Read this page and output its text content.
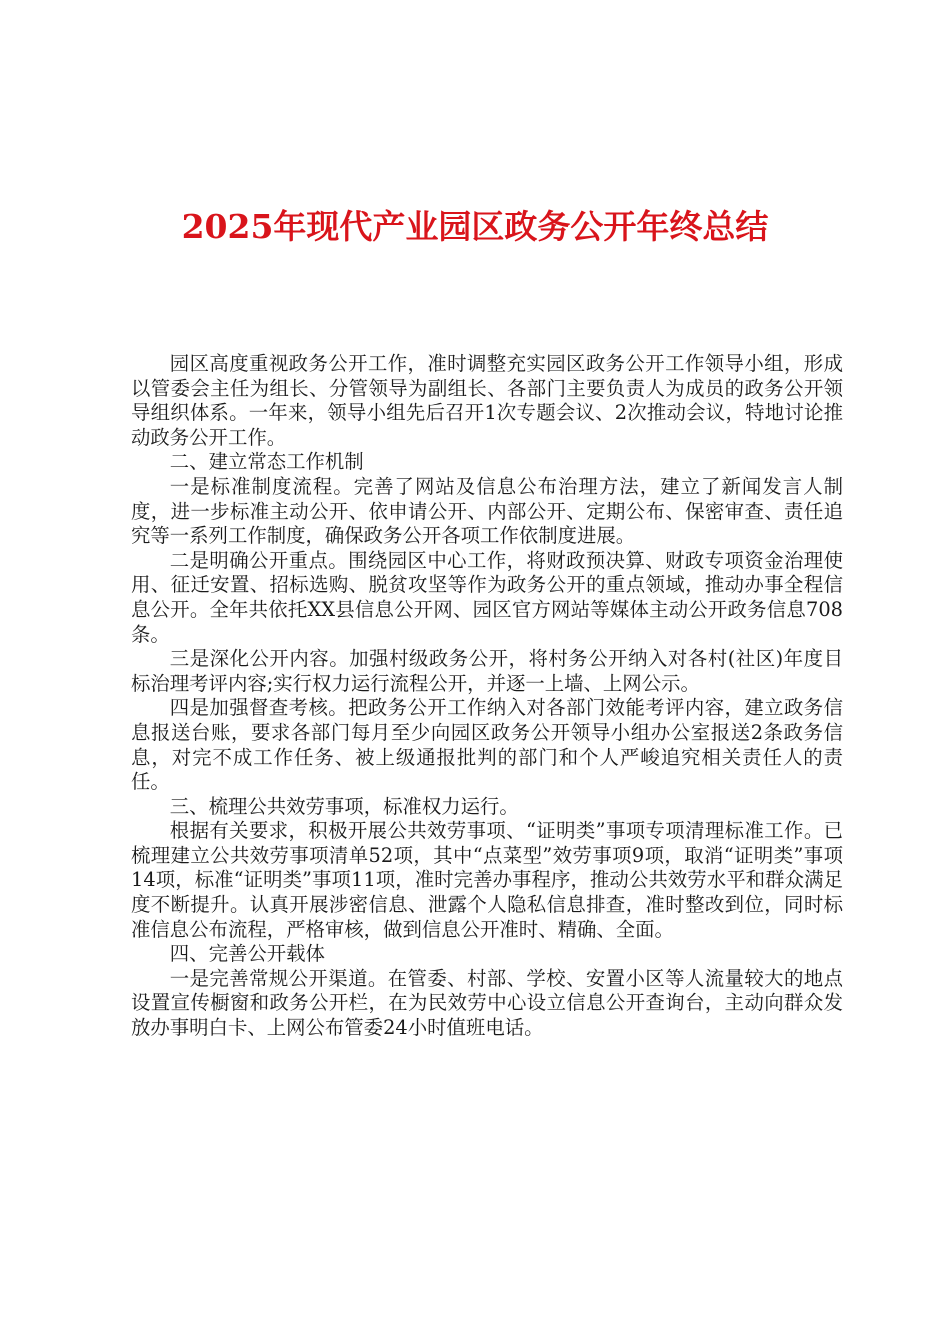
2025年现代产业园区政务公开年终总结

园区高度重视政务公开工作，准时调整充实园区政务公开工作领导小组，形成以管委会主任为组长、分管领导为副组长、各部门主要负责人为成员的政务公开领导组织体系。一年来，领导小组先后召开1次专题会议、2次推动会议，特地讨论推动政务公开工作。

二、建立常态工作机制

一是标准制度流程。完善了网站及信息公布治理方法，建立了新闻发言人制度，进一步标准主动公开、依申请公开、内部公开、定期公布、保密审查、责任追究等一系列工作制度，确保政务公开各项工作依制度进展。

二是明确公开重点。围绕园区中心工作，将财政预决算、财政专项资金治理使用、征迁安置、招标选购、脱贫攻坚等作为政务公开的重点领域，推动办事全程信息公开。全年共依托XX县信息公开网、园区官方网站等媒体主动公开政务信息708条。

三是深化公开内容。加强村级政务公开，将村务公开纳入对各村(社区)年度目标治理考评内容;实行权力运行流程公开，并逐一上墙、上网公示。

四是加强督查考核。把政务公开工作纳入对各部门效能考评内容，建立政务信息报送台账，要求各部门每月至少向园区政务公开领导小组办公室报送2条政务信息，对完不成工作任务、被上级通报批判的部门和个人严峻追究相关责任人的责任。

三、梳理公共效劳事项，标准权力运行。

根据有关要求，积极开展公共效劳事项、“证明类”事项专项清理标准工作。已梳理建立公共效劳事项清单52项，其中“点菜型”效劳事项9项，取消“证明类”事项14项，标准“证明类”事项11项，准时完善办事程序，推动公共效劳水平和群众满足度不断提升。认真开展涉密信息、泄露个人隐私信息排查，准时整改到位，同时标准信息公布流程，严格审核，做到信息公开准时、精确、全面。

四、完善公开载体

一是完善常规公开渠道。在管委、村部、学校、安置小区等人流量较大的地点设置宣传橱窗和政务公开栏，在为民效劳中心设立信息公开查询台，主动向群众发放办事明白卡、上网公布管委24小时值班电话。
